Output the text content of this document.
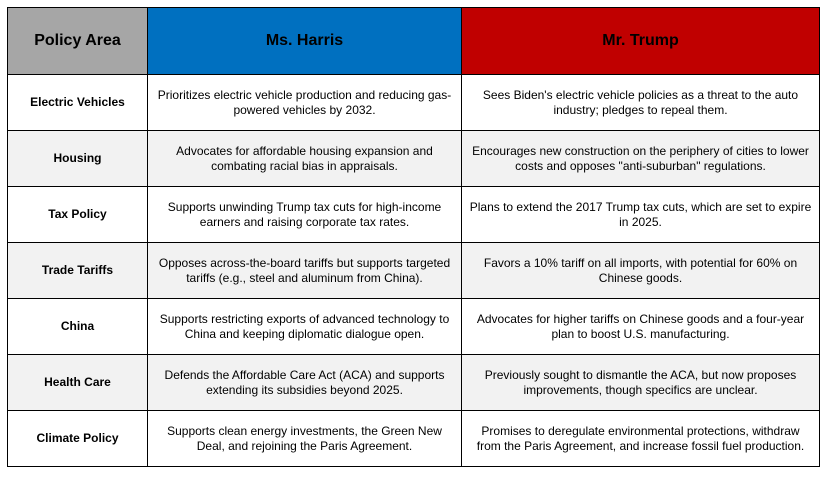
Policy Area	Ms. Harris	Mr. Trump
Electric Vehicles	Prioritizes electric vehicle production and reducing gas-powered vehicles by 2032.	Sees Biden's electric vehicle policies as a threat to the auto industry; pledges to repeal them.
Housing	Advocates for affordable housing expansion and combating racial bias in appraisals.	Encourages new construction on the periphery of cities to lower costs and opposes "anti-suburban" regulations.
Tax Policy	Supports unwinding Trump tax cuts for high-income earners and raising corporate tax rates.	Plans to extend the 2017 Trump tax cuts, which are set to expire in 2025.
Trade Tariffs	Opposes across-the-board tariffs but supports targeted tariffs (e.g., steel and aluminum from China).	Favors a 10% tariff on all imports, with potential for 60% on Chinese goods.
China	Supports restricting exports of advanced technology to China and keeping diplomatic dialogue open.	Advocates for higher tariffs on Chinese goods and a four-year plan to boost U.S. manufacturing.
Health Care	Defends the Affordable Care Act (ACA) and supports extending its subsidies beyond 2025.	Previously sought to dismantle the ACA, but now proposes improvements, though specifics are unclear.
Climate Policy	Supports clean energy investments, the Green New Deal, and rejoining the Paris Agreement.	Promises to deregulate environmental protections, withdraw from the Paris Agreement, and increase fossil fuel production.
